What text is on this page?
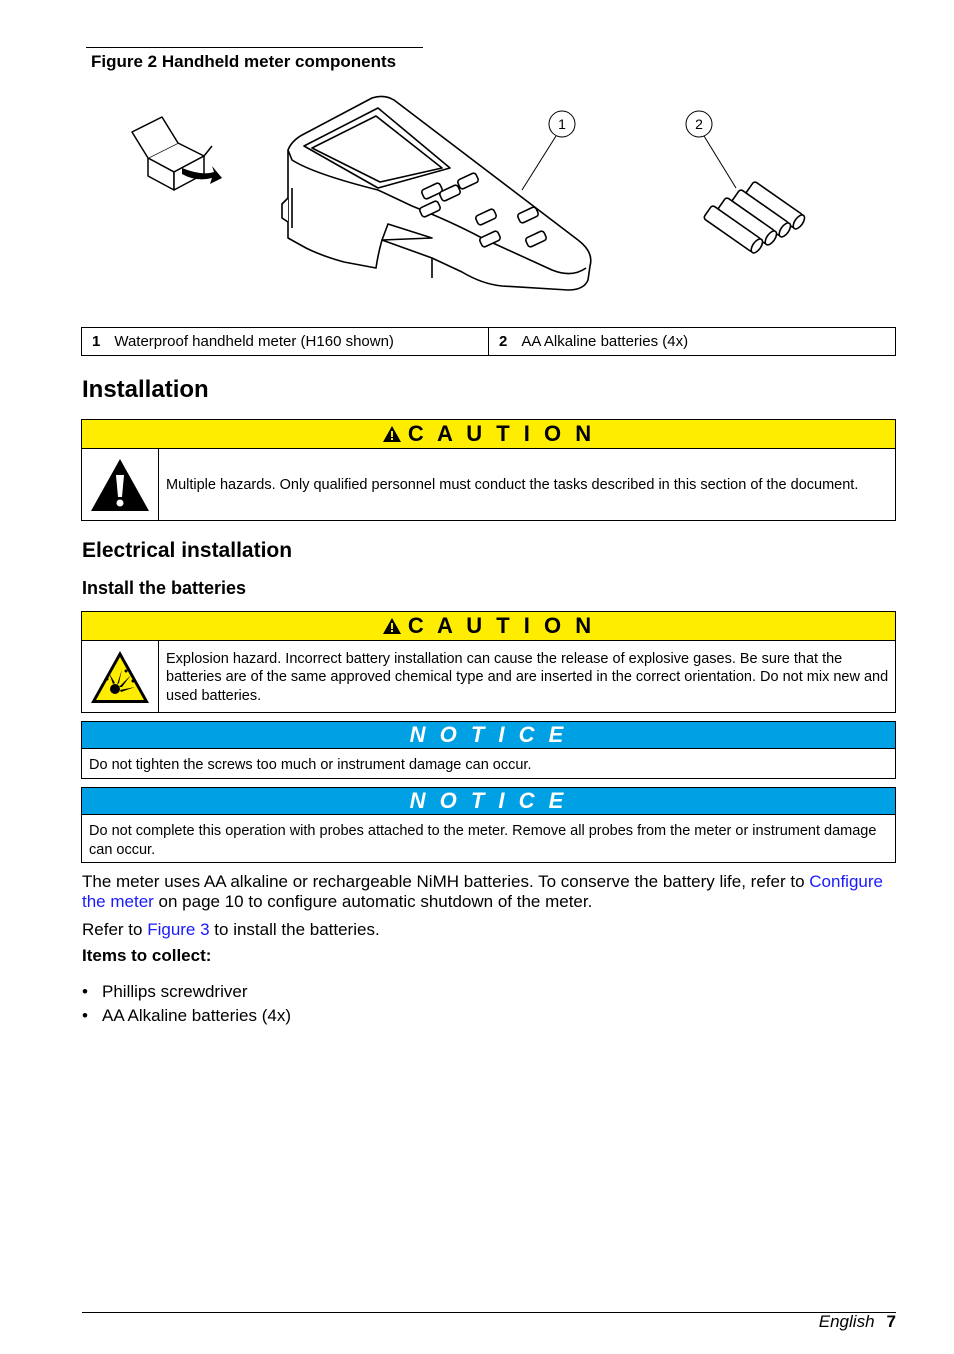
Figure 2 Handheld meter components
1	2
1 Waterproof handheld meter (H160 shown)	2 AA Alkaline batteries (4x)
Installation
C A U T I O N
Multiple hazards. Only qualified personnel must conduct the tasks described in this section of the document.
Electrical installation
Install the batteries
C A U T I O N
Explosion hazard. Incorrect battery installation can cause the release of explosive gases. Be sure that the batteries are of the same approved chemical type and are inserted in the correct orientation. Do not mix new and used batteries.
N O T I C E
Do not tighten the screws too much or instrument damage can occur.
N O T I C E
Do not complete this operation with probes attached to the meter. Remove all probes from the meter or instrument damage can occur.
The meter uses AA alkaline or rechargeable NiMH batteries. To conserve the battery life, refer to Configure the meter on page 10 to configure automatic shutdown of the meter.
Refer to Figure 3 to install the batteries.
Items to collect:
• Phillips screwdriver
• AA Alkaline batteries (4x)
English 7
